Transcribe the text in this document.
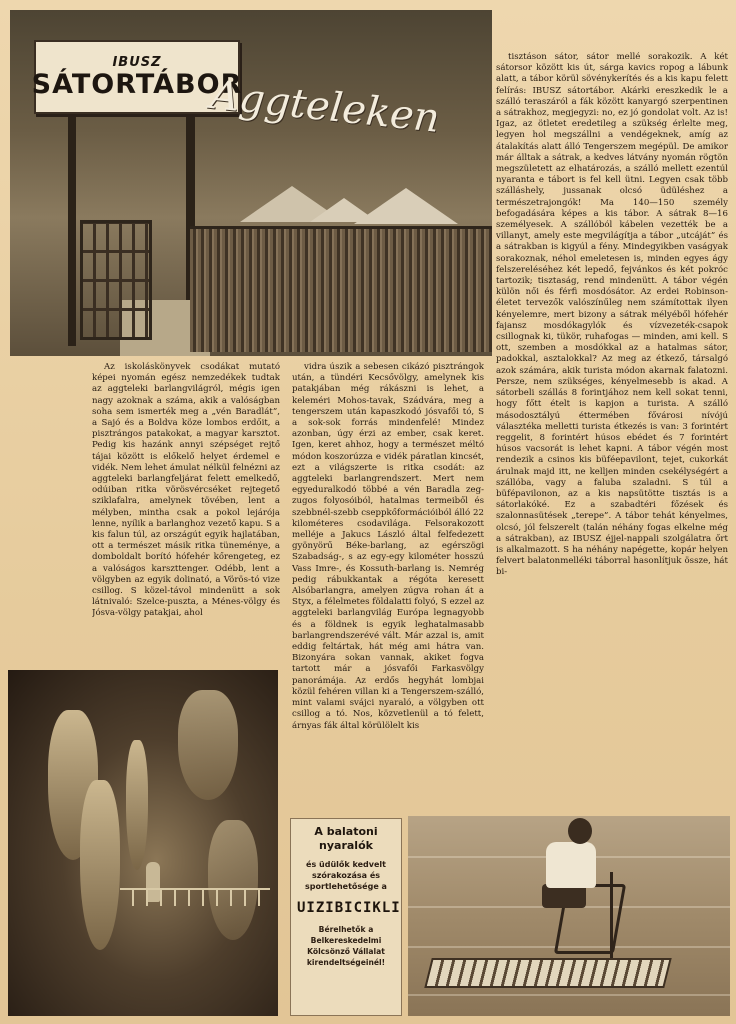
IBUSZ
SÁTORTÁBOR
Aggteleken

Az iskoláskönyvek csodákat mutató képei nyomán egész nemzedékek tudtak az aggteleki barlangvilágról, mégis igen nagy azoknak a száma, akik a valóságban soha sem ismerték meg a „vén Baradlát”, a Sajó és a Boldva köze lombos erdőit, a pisztrángos patakokat, a magyar karsztot. Pedig kis hazánk annyi szépséget rejtő tájai között is előkelő helyet érdemel e vidék. Nem lehet ámulat nélkül felnézni az aggteleki barlangfeljárat felett emelkedő, odúiban ritka vörösvércséket rejtegető sziklafalra, amelynek tövében, lent a mélyben, mintha csak a pokol lejárója lenne, nyílik a barlanghoz vezető kapu. S a kis falun túl, az országút egyik hajlatában, ott a természet másik ritka tüneménye, a domboldalt borító hófehér kőrengeteg, ez a valóságos karszttenger. Odébb, lent a völgyben az egyik dolinató, a Vörös-tó vize csillog. S közel-távol mindenütt a sok látnivaló: Szelce-puszta, a Ménes-völgy és Jósva-völgy patakjai, ahol

vidra úszik a sebesen cikázó pisztrángok után, a tündéri Kecsővölgy, amelynek kis patakjában még rákászni is lehet, a keleméri Mohos-tavak, Szádvára, meg a tengerszem után kapaszkodó jósvafői tó, S a sok-sok forrás mindenfelé! Mindez azonban, úgy érzi az ember, csak keret. Igen, keret ahhoz, hogy a természet méltó módon koszorúzza e vidék páratlan kincsét, ezt a világszerte is ritka csodát: az aggteleki barlangrendszert. Mert nem egyeduralkodó többé a vén Baradla zeg-zugos folyosóiból, hatalmas termeiből és szebbnél-szebb cseppkőformációiból álló 22 kilométeres csodavilága. Felsorakozott melléje a Jakucs László által felfedezett gyönyörű Béke-barlang, az egérszögi Szabadság-, s az egy-egy kilométer hosszú Vass Imre-, és Kossuth-barlang is. Nemrég pedig rábukkantak a régóta keresett Alsóbarlangra, amelyen zúgva rohan át a Styx, a félelmetes földalatti folyó, S ezzel az aggteleki barlangvilág Európa legnagyobb és a földnek is egyik leghatalmasabb barlangrendszerévé vált. Már azzal is, amit eddig feltártak, hát még ami hátra van. Bizonyára sokan vannak, akiket fogva tartott már a jósvafői Farkasvölgy panorámája. Az erdős hegyhát lombjai közül fehéren villan ki a Tengerszem-szálló, mint valami svájci nyaraló, a völgyben ott csillog a tó. Nos, közvetlenül a tó felett, árnyas fák által körülölelt kis

tisztáson sátor, sátor mellé sorakozik. A két sátorsor között kis út, sárga kavics ropog a lábunk alatt, a tábor körül sövénykerítés és a kis kapu felett felírás: IBUSZ sátortábor. Akárki ereszkedik le a szálló teraszáról a fák között kanyargó szerpentinen a sátrakhoz, megjegyzi: no, ez jó gondolat volt. Az is! Igaz, az ötletet eredetileg a szükség érlelte meg, legyen hol megszállni a vendégeknek, amíg az átalakítás alatt álló Tengerszem megépül. De amikor már álltak a sátrak, a kedves látvány nyomán rögtön megszületett az elhatározás, a szálló mellett ezentúl nyaranta e tábort is fel kell ütni. Legyen csak több szálláshely, jussanak olcsó üdüléshez a természetrajongók! Ma 140—150 személy befogadására képes a kis tábor. A sátrak 8—16 személyesek. A szállóból kábelen vezették be a villanyt, amely este megvilágítja a tábor „utcáját” és a sátrakban is kigyúl a fény. Mindegyikben vaságyak sorakoznak, néhol emeletesen is, minden egyes ágy felszereléséhez két lepedő, fejvánkos és két pokróc tartozik; tisztaság, rend mindenütt. A tábor végén külön női és férfi mosdósátor. Az erdei Robinson-életet tervezők valószínűleg nem számítottak ilyen kényelemre, mert bizony a sátrak mélyéből hófehér fajansz mosdókagylók és vízvezeték-csapok csillognak ki, tükör, ruhafogas — minden, ami kell. S ott, szemben a mosdókkal az a hatalmas sátor, padokkal, asztalokkal? Az meg az étkező, társalgó azok számára, akik turista módon akarnak falatozni. Persze, nem szükséges, kényelmesebb is akad. A sátorbeli szállás 8 forintjához nem kell sokat tenni, hogy főtt ételt is kapjon a turista. A szálló másodosztályú éttermében fővárosi nívójú választéka melletti turista étkezés is van: 3 forintért reggelit, 8 forintért húsos ebédet és 7 forintért húsos vacsorát is lehet kapni. A tábor végén most rendezik a csinos kis büféepavilont, tejet, cukorkát árulnak majd itt, ne kelljen minden csekélységért a szállóba, vagy a faluba szaladni. S túl a büfépavilonon, az a kis napsütötte tisztás is a sátorlakóké. Ez a szabadtéri főzések és szalonnasütések „terepe”. A tábor tehát kényelmes, olcsó, jól felszerelt (talán néhány fogas elkelne még a sátrakban), az IBUSZ éjjel-nappali szolgálatra őrt is alkalmazott. S ha néhány napégette, kopár helyen felvert balatonmelléki táborral hasonlítjuk össze, hát bi-

A balatoni nyaralók
és üdülők kedvelt szórakozása és sportlehetősége a
UIZIBICIKLI
Bérelhetők a Belkereskedelmi Kölcsönző Vállalat kirendeltségeinél!
